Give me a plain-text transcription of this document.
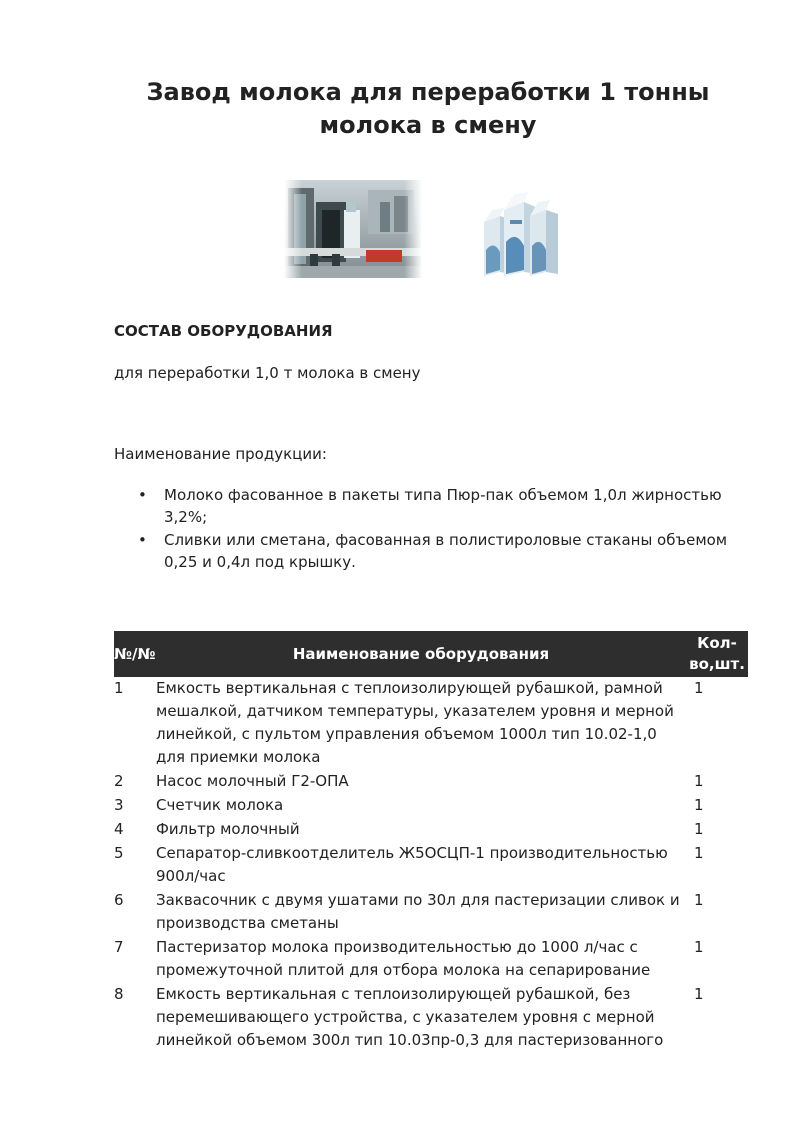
Завод молока для переработки 1 тонны молока в смену
СОСТАВ ОБОРУДОВАНИЯ
для переработки 1,0 т молока в смену
Наименование продукции:
• Молоко фасованное в пакеты типа Пюр-пак объемом 1,0л жирностью 3,2%;
• Сливки или сметана, фасованная в полистироловые стаканы объемом 0,25 и 0,4л под крышку.
№/№	Наименование оборудования	Кол-во,шт.
1	Емкость вертикальная с теплоизолирующей рубашкой, рамной мешалкой, датчиком температуры, указателем уровня и мерной линейкой, с пультом управления объемом 1000л тип 10.02-1,0 для приемки молока	1
2	Насос молочный Г2-ОПА	1
3	Счетчик молока	1
4	Фильтр молочный	1
5	Сепаратор-сливкоотделитель Ж5ОСЦП-1 производительностью 900л/час	1
6	Заквасочник с двумя ушатами по 30л для пастеризации сливок и производства сметаны	1
7	Пастеризатор молока производительностью до 1000 л/час с промежуточной плитой для отбора молока на сепарирование	1
8	Емкость вертикальная с теплоизолирующей рубашкой, без перемешивающего устройства, с указателем уровня с мерной линейкой объемом 300л тип 10.03пр-0,3 для пастеризованного	1
